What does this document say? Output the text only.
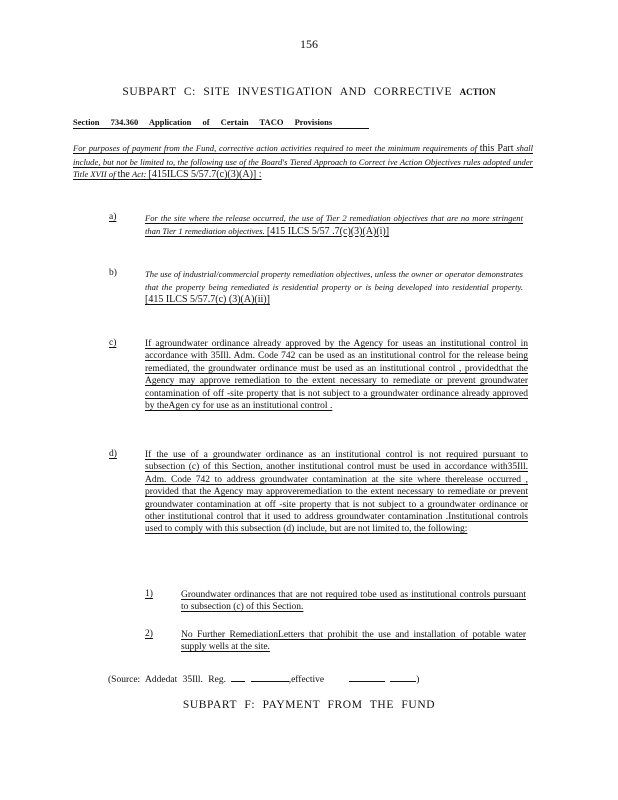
156
SUBPART C: SITE INVESTIGATION AND CORRECTIVE ACTION
Section 734.360 Application of Certain TACO Provisions
For purposes of payment from the Fund, corrective action activities required to meet the minimum requirements of this Part shall include, but not be limited to, the following use of the Board's Tiered Approach to Correct ive Action Objectives rules adopted under Title XVII of the Act: [415ILCS 5/57.7(c)(3)(A)] :
a)	For the site where the release occurred, the use of Tier 2 remediation objectives that are no more stringent than Tier 1 remediation objectives. [415 ILCS 5/57 .7(c)(3)(A)(i)]
b)	The use of industrial/commercial property remediation objectives, unless the owner or operator demonstrates that the property being remediated is residential property or is being developed into residential property. [415 ILCS 5/57.7(c) (3)(A)(ii)]
c)	If agroundwater ordinance already approved by the Agency for useas an institutional control in accordance with 35Ill. Adm. Code 742 can be used as an institutional control for the release being remediated, the groundwater ordinance must be used as an institutional control , providedthat the Agency may approve remediation to the extent necessary to remediate or prevent groundwater contamination of off -site property that is not subject to a groundwater ordinance already approved by theAgen cy for use as an institutional control .
d)	If the use of a groundwater ordinance as an institutional control is not required pursuant to subsection (c) of this Section, another institutional control must be used in accordance with35Ill. Adm. Code 742 to address groundwater contamination at the site where therelease occurred , provided that the Agency may approveremediation to the extent necessary to remediate or prevent groundwater contamination at off -site property that is not subject to a groundwater ordinance or other institutional control that it used to address groundwater contamination .Institutional controls used to comply with this subsection (d) include, but are not limited to, the following:
1)	Groundwater ordinances that are not required tobe used as institutional controls pursuant to subsection (c) of this Section.
2)	No Further RemediationLetters that prohibit the use and installation of potable water supply wells at the site.
(Source: Addedat 35Ill. Reg.	,effective	)
SUBPART F: PAYMENT FROM THE FUND
